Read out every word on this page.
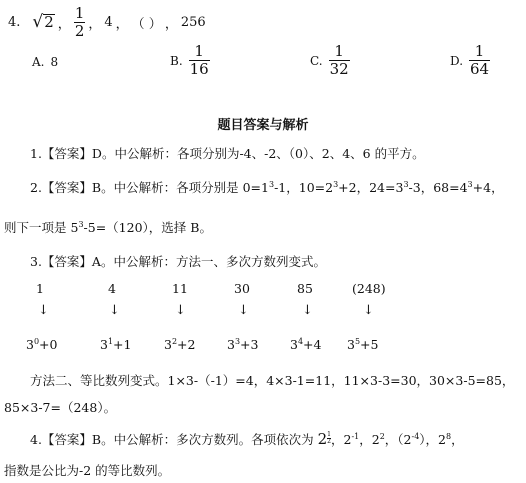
4. √ 2 ， $\frac{1}{2}$ ， 4 ， （ ） ， 256
A. 8	B. $\frac{1}{16}$	C. $\frac{1}{32}$	D. $\frac{1}{64}$
题目答案与解析
1.【答案】D。中公解析：各项分别为-4、-2、（0）、2、4、6 的平方。
2.【答案】B。中公解析：各项分别是 $0=1^3-1$，$10=2^3+2$，$24=3^3-3$，$68=4^3+4$，
则下一项是 $5^3-5=(120)$，选择 B。
3.【答案】A。中公解析：方法一、多次方数列变式。
1	4	11	30	85	(248)
↓	↓	↓	↓	↓	↓
$3^0+0$	$3^1+1$	$3^2+2$	$3^3+3$	$3^4+4$ $3^5+5$
方法二、等比数列变式。1×3-（-1）=4，4×3-1=11，11×3-3=30，30×3-5=85，
85×3-7=（248）。
4.【答案】B。中公解析：多次方数列。各项依次为 $2 \frac{1}{2}$ ，$2^{-1}$，$2^2$，$(2^{-4})$，$2^8$，
指数是公比为-2 的等比数列。
